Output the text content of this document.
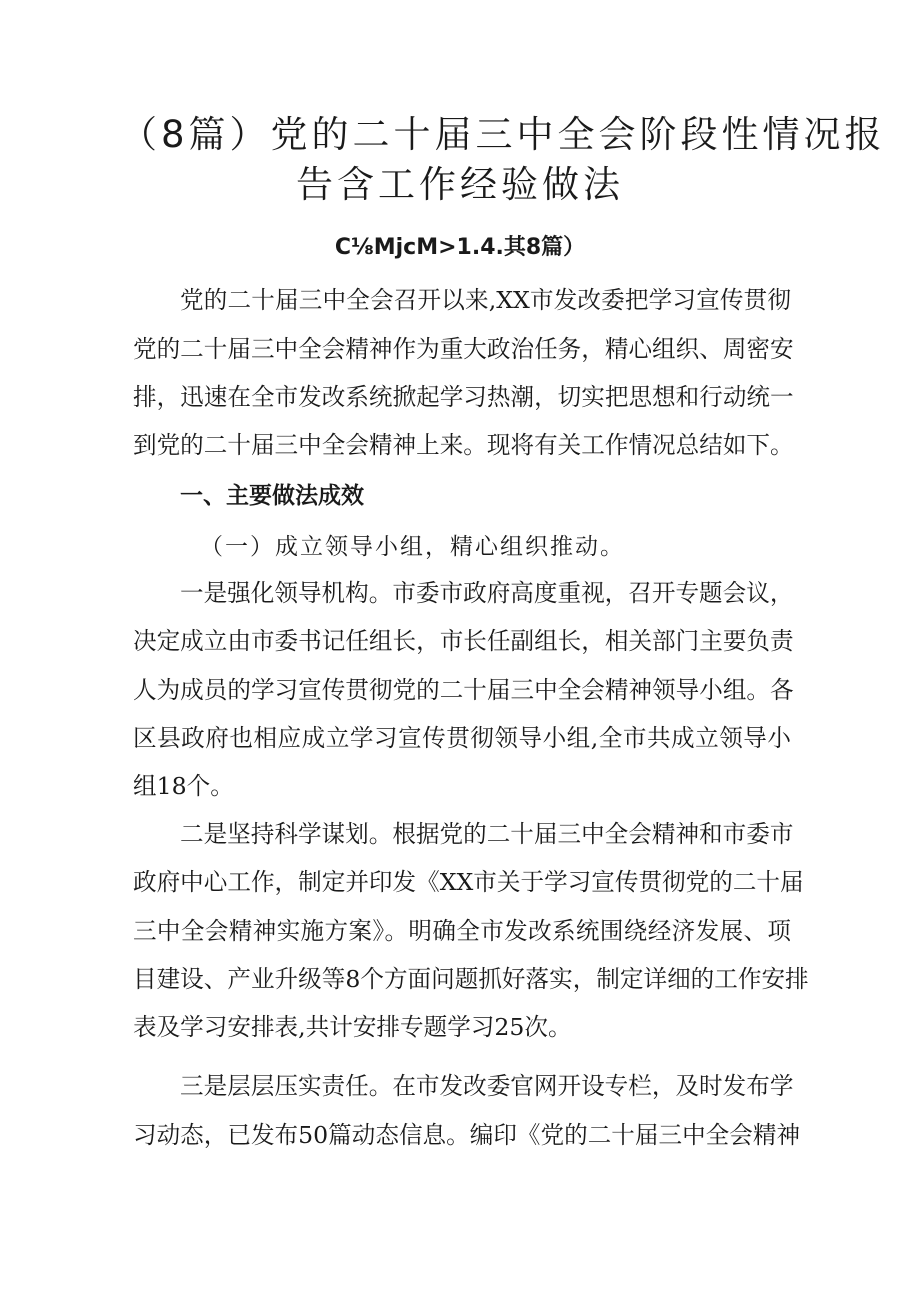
（8篇）党的二十届三中全会阶段性情况报
告含工作经验做法
C⅛MjcM>1.4.其8篇）
党的二十届三中全会召开以来,XX市发改委把学习宣传贯彻
党的二十届三中全会精神作为重大政治任务，精心组织、周密安
排，迅速在全市发改系统掀起学习热潮，切实把思想和行动统一
到党的二十届三中全会精神上来。现将有关工作情况总结如下。
一、主要做法成效
（一）成立领导小组，精心组织推动。
一是强化领导机构。市委市政府高度重视，召开专题会议，
决定成立由市委书记任组长，市长任副组长，相关部门主要负责
人为成员的学习宣传贯彻党的二十届三中全会精神领导小组。各
区县政府也相应成立学习宣传贯彻领导小组,全市共成立领导小
组18个。
二是坚持科学谋划。根据党的二十届三中全会精神和市委市
政府中心工作，制定并印发《XX市关于学习宣传贯彻党的二十届
三中全会精神实施方案》。明确全市发改系统围绕经济发展、项
目建设、产业升级等8个方面问题抓好落实，制定详细的工作安排
表及学习安排表,共计安排专题学习25次。
三是层层压实责任。在市发改委官网开设专栏，及时发布学
习动态，已发布50篇动态信息。编印《党的二十届三中全会精神
